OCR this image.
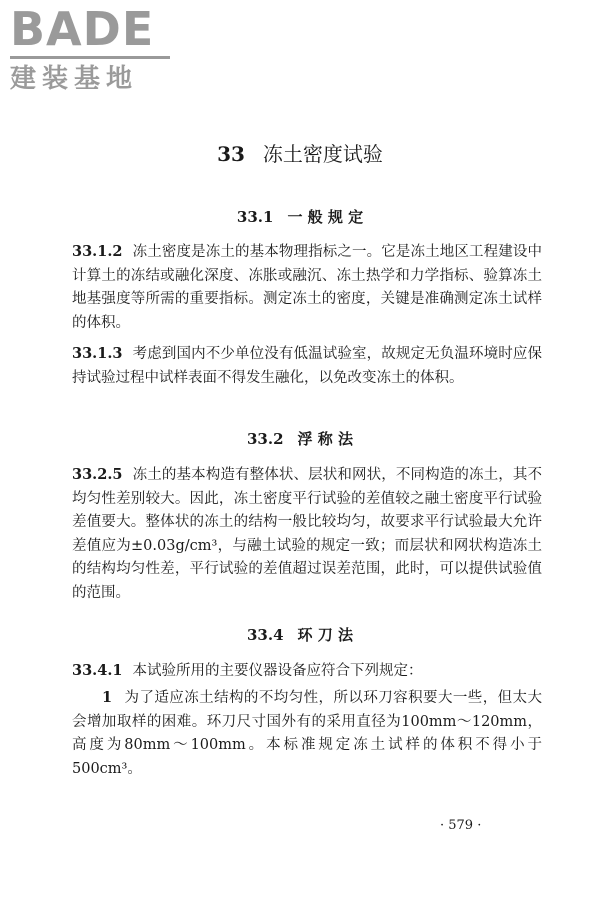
BADE
建装基地
33 冻土密度试验
33.1 一 般 规 定
33.1.2 冻土密度是冻土的基本物理指标之一。它是冻土地区工程建设中计算土的冻结或融化深度、冻胀或融沉、冻土热学和力学指标、验算冻土地基强度等所需的重要指标。测定冻土的密度，关键是准确测定冻土试样的体积。
33.1.3 考虑到国内不少单位没有低温试验室，故规定无负温环境时应保持试验过程中试样表面不得发生融化，以免改变冻土的体积。
33.2 浮 称 法
33.2.5 冻土的基本构造有整体状、层状和网状，不同构造的冻土，其不均匀性差别较大。因此，冻土密度平行试验的差值较之融土密度平行试验差值要大。整体状的冻土的结构一般比较均匀，故要求平行试验最大允许差值应为±0.03g/cm³，与融土试验的规定一致；而层状和网状构造冻土的结构均匀性差，平行试验的差值超过误差范围，此时，可以提供试验值的范围。
33.4 环 刀 法
33.4.1 本试验所用的主要仪器设备应符合下列规定：
1 为了适应冻土结构的不均匀性，所以环刀容积要大一些，但太大会增加取样的困难。环刀尺寸国外有的采用直径为100mm～120mm，高度为80mm～100mm。本标准规定冻土试样的体积不得小于500cm³。
· 579 ·
